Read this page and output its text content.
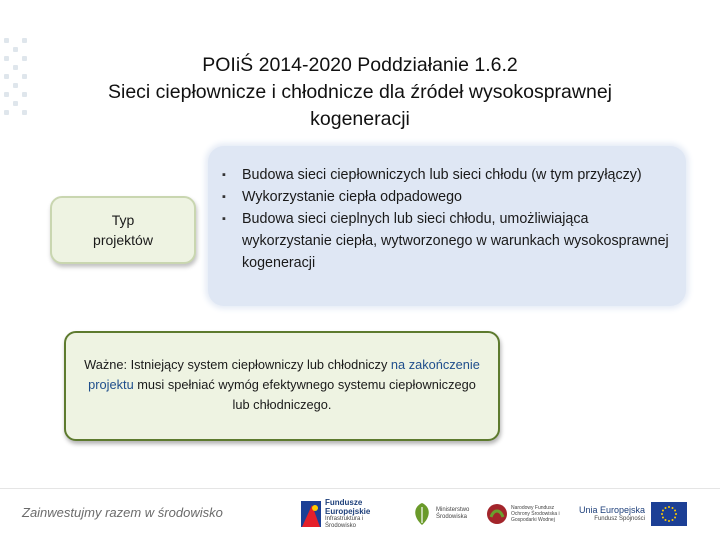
POIiŚ 2014-2020 Poddziałanie 1.6.2
Sieci ciepłownicze i chłodnicze dla źródeł wysokosprawnej
kogeneracji
Typ
projektów
▪ Budowa sieci ciepłowniczych lub sieci chłodu (w tym przyłączy)
▪ Wykorzystanie ciepła odpadowego
▪ Budowa sieci cieplnych lub sieci chłodu, umożliwiająca wykorzystanie ciepła, wytworzonego w warunkach wysokosprawnej kogeneracji
Ważne: Istniejący system ciepłowniczy lub chłodniczy na zakończenie projektu musi spełniać wymóg efektywnego systemu ciepłowniczego lub chłodniczego.
Zainwestujmy razem w środowisko
Fundusze Europejskie
Infrastruktura i Środowisko
Ministerstwo Środowiska
Narodowy Fundusz Ochrony Środowiska i Gospodarki Wodnej
Unia Europejska
Fundusz Spójności
